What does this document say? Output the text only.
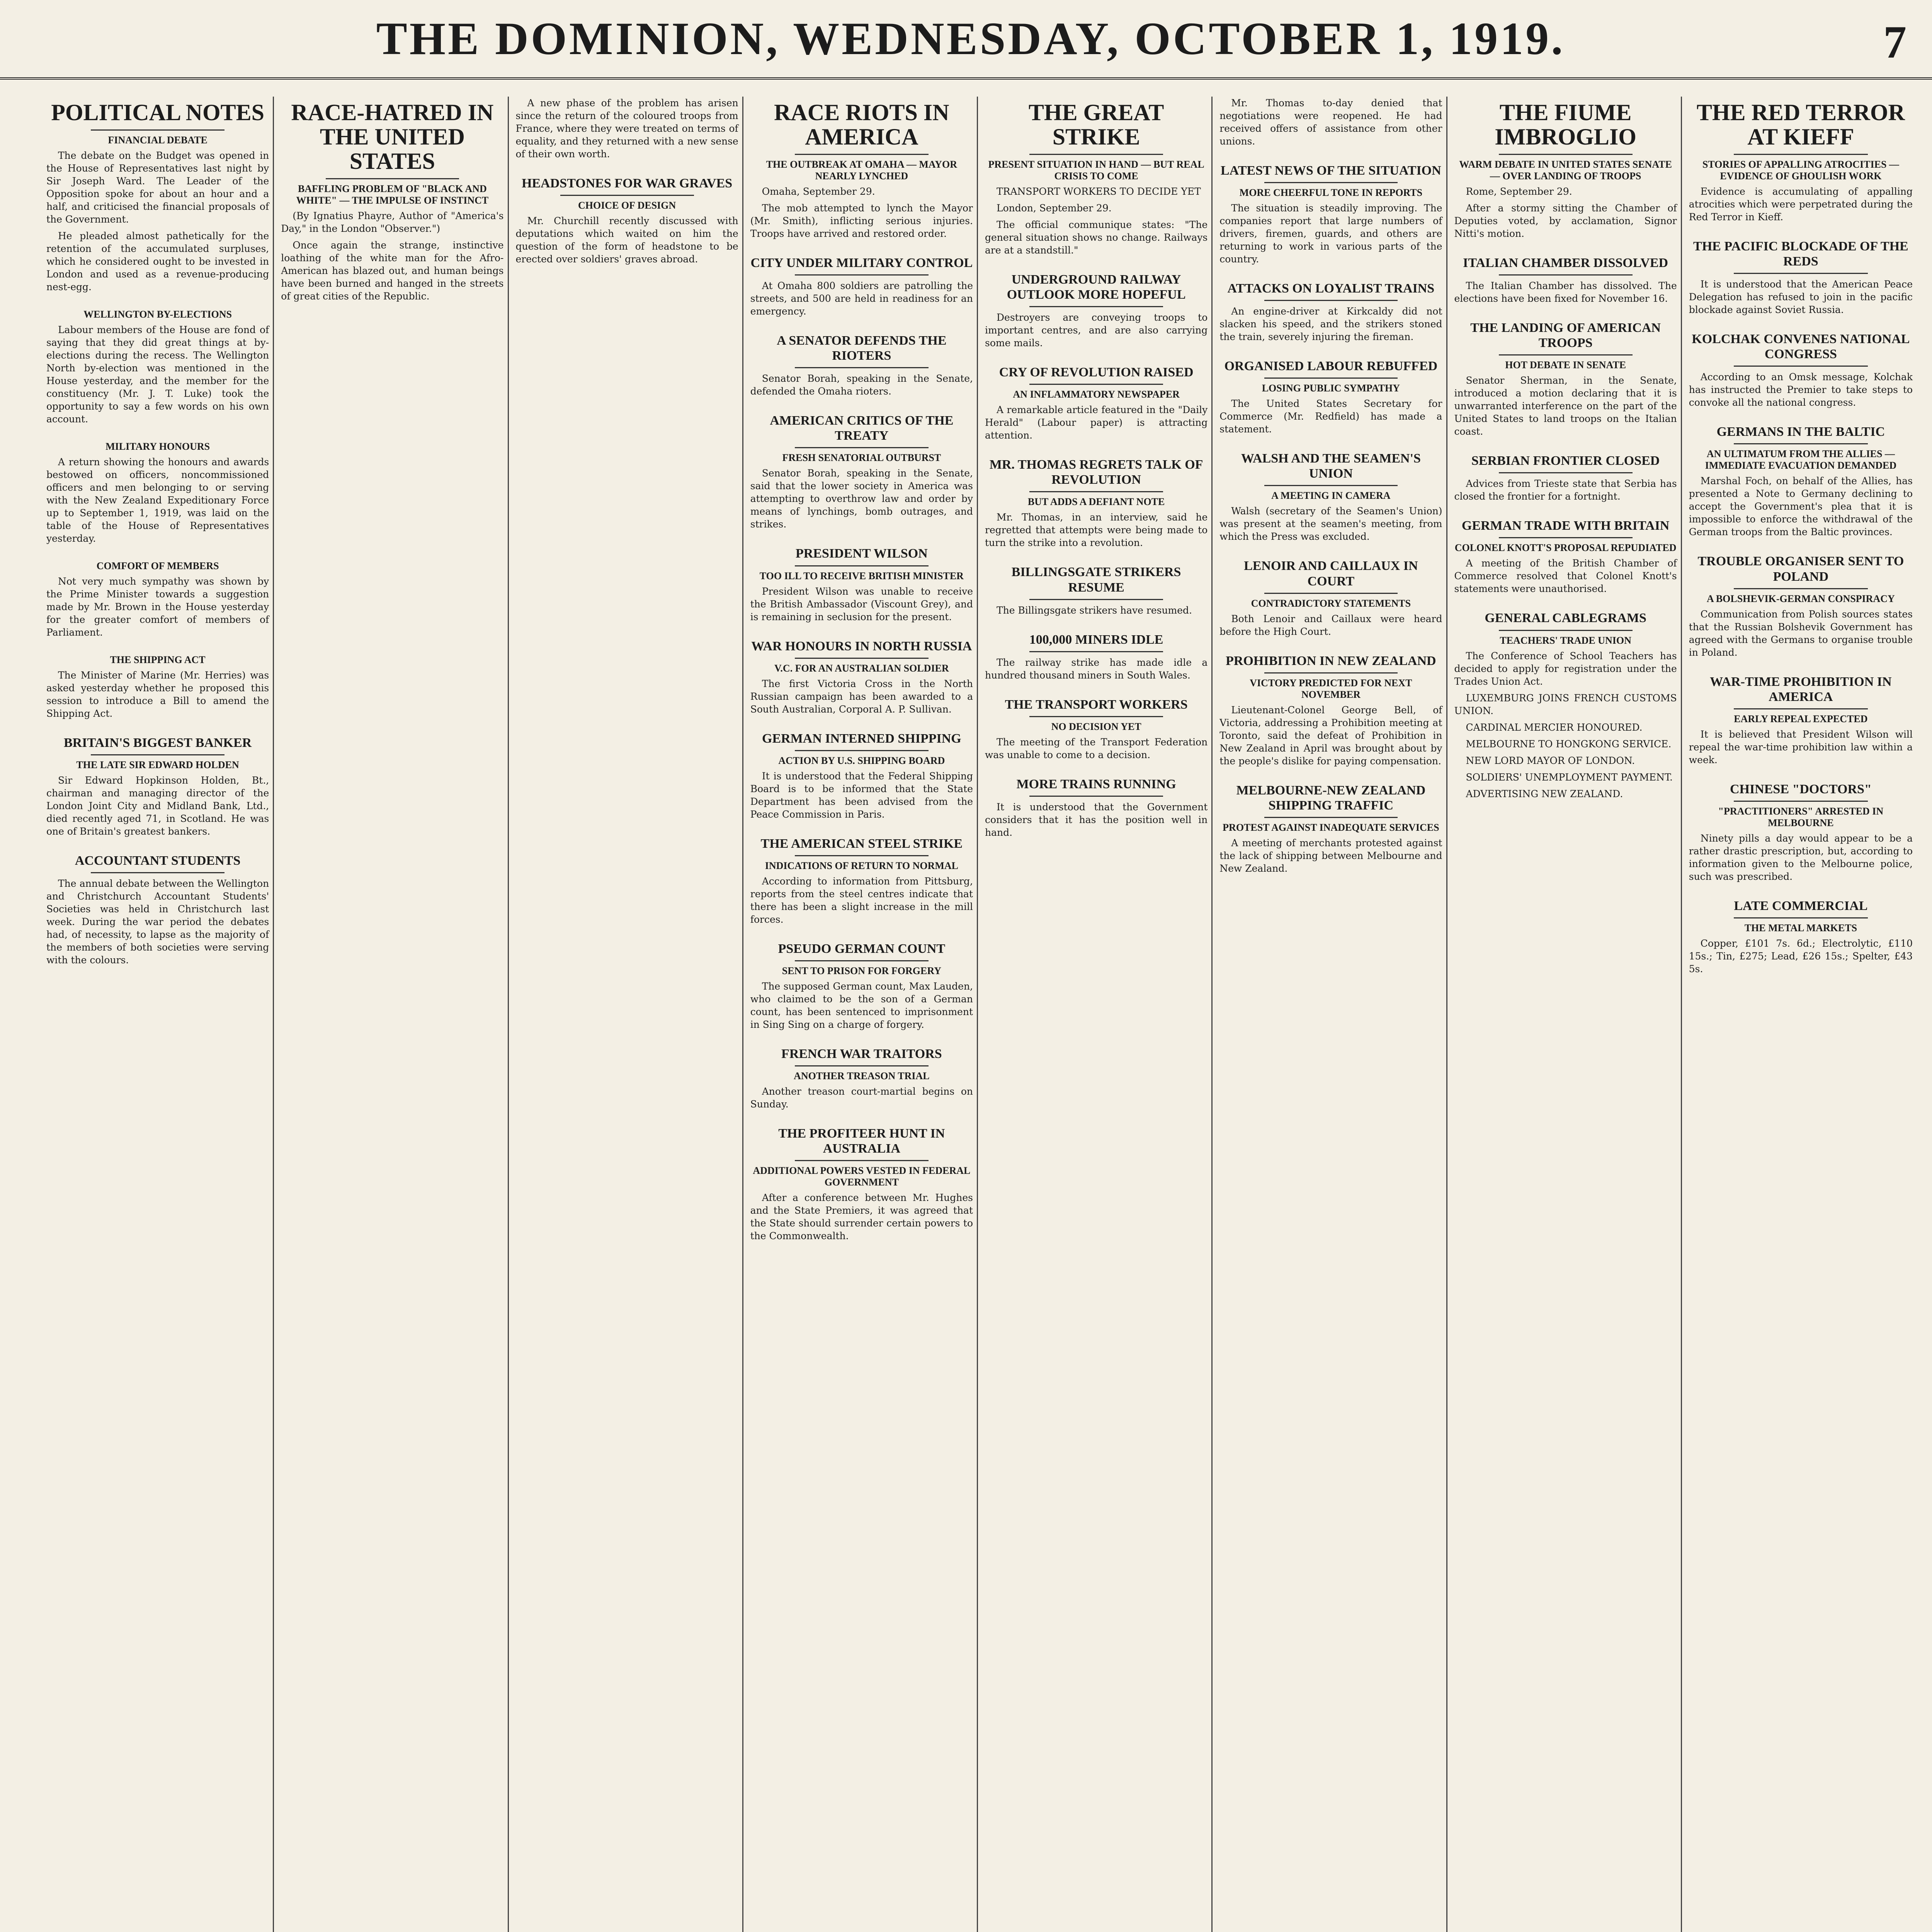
THE DOMINION, WEDNESDAY, OCTOBER 1, 1919.	7
POLITICAL NOTES
FINANCIAL DEBATE

The debate on the Budget was opened in the House of Representatives last night by Sir Joseph Ward. The Leader of the Opposition spoke for about an hour and a half, and criticised the financial proposals of the Government.

He pleaded almost pathetically for the retention of the accumulated surpluses, which he considered ought to be invested in London and used as a revenue-producing nest-egg.

WELLINGTON BY-ELECTIONS

Labour members of the House are fond of saying that they did great things at by-elections during the recess. The Wellington North by-election was mentioned in the House yesterday, and the member for the constituency (Mr. J. T. Luke) took the opportunity to say a few words on his own account.

MILITARY HONOURS

A return showing the honours and awards bestowed on officers, noncommissioned officers and men belonging to or serving with the New Zealand Expeditionary Force up to September 1, 1919, was laid on the table of the House of Representatives yesterday.

COMFORT OF MEMBERS

Not very much sympathy was shown by the Prime Minister towards a suggestion made by Mr. Brown in the House yesterday for the greater comfort of members of Parliament.

THE SHIPPING ACT

The Minister of Marine (Mr. Herries) was asked yesterday whether he proposed this session to introduce a Bill to amend the Shipping Act.

BRITAIN'S BIGGEST BANKER
THE LATE SIR EDWARD HOLDEN

Sir Edward Hopkinson Holden, Bt., chairman and managing director of the London Joint City and Midland Bank, Ltd., died recently aged 71, in Scotland. He was one of Britain's greatest bankers.

ACCOUNTANT STUDENTS

The annual debate between the Wellington and Christchurch Accountant Students' Societies was held in Christchurch last week. During the war period the debates had, of necessity, to lapse as the majority of the members of both societies were serving with the colours.

RACE-HATRED IN THE UNITED STATES
BAFFLING PROBLEM OF "BLACK AND WHITE" — THE IMPULSE OF INSTINCT

(By Ignatius Phayre, Author of "America's Day," in the London "Observer.")

Once again the strange, instinctive loathing of the white man for the Afro-American has blazed out, and human beings have been burned and hanged in the streets of great cities of the Republic.

A new phase of the problem has arisen since the return of the coloured troops from France, where they were treated on terms of equality, and they returned with a new sense of their own worth.

HEADSTONES FOR WAR GRAVES
CHOICE OF DESIGN

Mr. Churchill recently discussed with deputations which waited on him the question of the form of headstone to be erected over soldiers' graves abroad.

RACE RIOTS IN AMERICA
THE OUTBREAK AT OMAHA — MAYOR NEARLY LYNCHED

Omaha, September 29.

The mob attempted to lynch the Mayor (Mr. Smith), inflicting serious injuries. Troops have arrived and restored order.

CITY UNDER MILITARY CONTROL

At Omaha 800 soldiers are patrolling the streets, and 500 are held in readiness for an emergency.

A SENATOR DEFENDS THE RIOTERS

Senator Borah, speaking in the Senate, defended the Omaha rioters.

AMERICAN CRITICS OF THE TREATY
FRESH SENATORIAL OUTBURST

Senator Borah, speaking in the Senate, said that the lower society in America was attempting to overthrow law and order by means of lynchings, bomb outrages, and strikes.

PRESIDENT WILSON
TOO ILL TO RECEIVE BRITISH MINISTER

President Wilson was unable to receive the British Ambassador (Viscount Grey), and is remaining in seclusion for the present.

WAR HONOURS IN NORTH RUSSIA
V.C. FOR AN AUSTRALIAN SOLDIER

The first Victoria Cross in the North Russian campaign has been awarded to a South Australian, Corporal A. P. Sullivan.

GERMAN INTERNED SHIPPING
ACTION BY U.S. SHIPPING BOARD

It is understood that the Federal Shipping Board is to be informed that the State Department has been advised from the Peace Commission in Paris.

THE AMERICAN STEEL STRIKE
INDICATIONS OF RETURN TO NORMAL

According to information from Pittsburg, reports from the steel centres indicate that there has been a slight increase in the mill forces.

PSEUDO GERMAN COUNT
SENT TO PRISON FOR FORGERY

The supposed German count, Max Lauden, who claimed to be the son of a German count, has been sentenced to imprisonment in Sing Sing on a charge of forgery.

FRENCH WAR TRAITORS
ANOTHER TREASON TRIAL

Another treason court-martial begins on Sunday.

THE PROFITEER HUNT IN AUSTRALIA
ADDITIONAL POWERS VESTED IN FEDERAL GOVERNMENT

After a conference between Mr. Hughes and the State Premiers, it was agreed that the State should surrender certain powers to the Commonwealth.

THE GREAT STRIKE
PRESENT SITUATION IN HAND — BUT REAL CRISIS TO COME

TRANSPORT WORKERS TO DECIDE YET

London, September 29.

The official communique states: "The general situation shows no change. Railways are at a standstill."

UNDERGROUND RAILWAY OUTLOOK MORE HOPEFUL

Destroyers are conveying troops to important centres, and are also carrying some mails.

CRY OF REVOLUTION RAISED
AN INFLAMMATORY NEWSPAPER

A remarkable article featured in the "Daily Herald" (Labour paper) is attracting attention.

MR. THOMAS REGRETS TALK OF REVOLUTION
BUT ADDS A DEFIANT NOTE

Mr. Thomas, in an interview, said he regretted that attempts were being made to turn the strike into a revolution.

BILLINGSGATE STRIKERS RESUME

The Billingsgate strikers have resumed.

100,000 MINERS IDLE

The railway strike has made idle a hundred thousand miners in South Wales.

THE TRANSPORT WORKERS
NO DECISION YET

The meeting of the Transport Federation was unable to come to a decision.

MORE TRAINS RUNNING

It is understood that the Government considers that it has the position well in hand.

Mr. Thomas to-day denied that negotiations were reopened. He had received offers of assistance from other unions.

LATEST NEWS OF THE SITUATION
MORE CHEERFUL TONE IN REPORTS

The situation is steadily improving. The companies report that large numbers of drivers, firemen, guards, and others are returning to work in various parts of the country.

ATTACKS ON LOYALIST TRAINS

An engine-driver at Kirkcaldy did not slacken his speed, and the strikers stoned the train, severely injuring the fireman.

ORGANISED LABOUR REBUFFED
LOSING PUBLIC SYMPATHY

The United States Secretary for Commerce (Mr. Redfield) has made a statement.

WALSH AND THE SEAMEN'S UNION
A MEETING IN CAMERA

Walsh (secretary of the Seamen's Union) was present at the seamen's meeting, from which the Press was excluded.

LENOIR AND CAILLAUX IN COURT
CONTRADICTORY STATEMENTS

Both Lenoir and Caillaux were heard before the High Court.

PROHIBITION IN NEW ZEALAND
VICTORY PREDICTED FOR NEXT NOVEMBER

Lieutenant-Colonel George Bell, of Victoria, addressing a Prohibition meeting at Toronto, said the defeat of Prohibition in New Zealand in April was brought about by the people's dislike for paying compensation.

MELBOURNE-NEW ZEALAND SHIPPING TRAFFIC
PROTEST AGAINST INADEQUATE SERVICES

A meeting of merchants protested against the lack of shipping between Melbourne and New Zealand.

THE FIUME IMBROGLIO
WARM DEBATE IN UNITED STATES SENATE — OVER LANDING OF TROOPS

Rome, September 29.

After a stormy sitting the Chamber of Deputies voted, by acclamation, Signor Nitti's motion.

ITALIAN CHAMBER DISSOLVED

The Italian Chamber has dissolved. The elections have been fixed for November 16.

THE LANDING OF AMERICAN TROOPS
HOT DEBATE IN SENATE

Senator Sherman, in the Senate, introduced a motion declaring that it is unwarranted interference on the part of the United States to land troops on the Italian coast.

SERBIAN FRONTIER CLOSED

Advices from Trieste state that Serbia has closed the frontier for a fortnight.

GERMAN TRADE WITH BRITAIN
COLONEL KNOTT'S PROPOSAL REPUDIATED

A meeting of the British Chamber of Commerce resolved that Colonel Knott's statements were unauthorised.

GENERAL CABLEGRAMS
TEACHERS' TRADE UNION

The Conference of School Teachers has decided to apply for registration under the Trades Union Act.

LUXEMBURG JOINS FRENCH CUSTOMS UNION.

CARDINAL MERCIER HONOURED.

MELBOURNE TO HONGKONG SERVICE.

NEW LORD MAYOR OF LONDON.

SOLDIERS' UNEMPLOYMENT PAYMENT.

ADVERTISING NEW ZEALAND.

THE RED TERROR AT KIEFF
STORIES OF APPALLING ATROCITIES — EVIDENCE OF GHOULISH WORK

Evidence is accumulating of appalling atrocities which were perpetrated during the Red Terror in Kieff.

THE PACIFIC BLOCKADE OF THE REDS

It is understood that the American Peace Delegation has refused to join in the pacific blockade against Soviet Russia.

KOLCHAK CONVENES NATIONAL CONGRESS

According to an Omsk message, Kolchak has instructed the Premier to take steps to convoke all the national congress.

GERMANS IN THE BALTIC
AN ULTIMATUM FROM THE ALLIES — IMMEDIATE EVACUATION DEMANDED

Marshal Foch, on behalf of the Allies, has presented a Note to Germany declining to accept the Government's plea that it is impossible to enforce the withdrawal of the German troops from the Baltic provinces.

TROUBLE ORGANISER SENT TO POLAND
A BOLSHEVIK-GERMAN CONSPIRACY

Communication from Polish sources states that the Russian Bolshevik Government has agreed with the Germans to organise trouble in Poland.

WAR-TIME PROHIBITION IN AMERICA
EARLY REPEAL EXPECTED

It is believed that President Wilson will repeal the war-time prohibition law within a week.

CHINESE "DOCTORS"
"PRACTITIONERS" ARRESTED IN MELBOURNE

Ninety pills a day would appear to be a rather drastic prescription, but, according to information given to the Melbourne police, such was prescribed.

LATE COMMERCIAL
THE METAL MARKETS

Copper, £101 7s. 6d.; Electrolytic, £110 15s.; Tin, £275; Lead, £26 15s.; Spelter, £43 5s.
